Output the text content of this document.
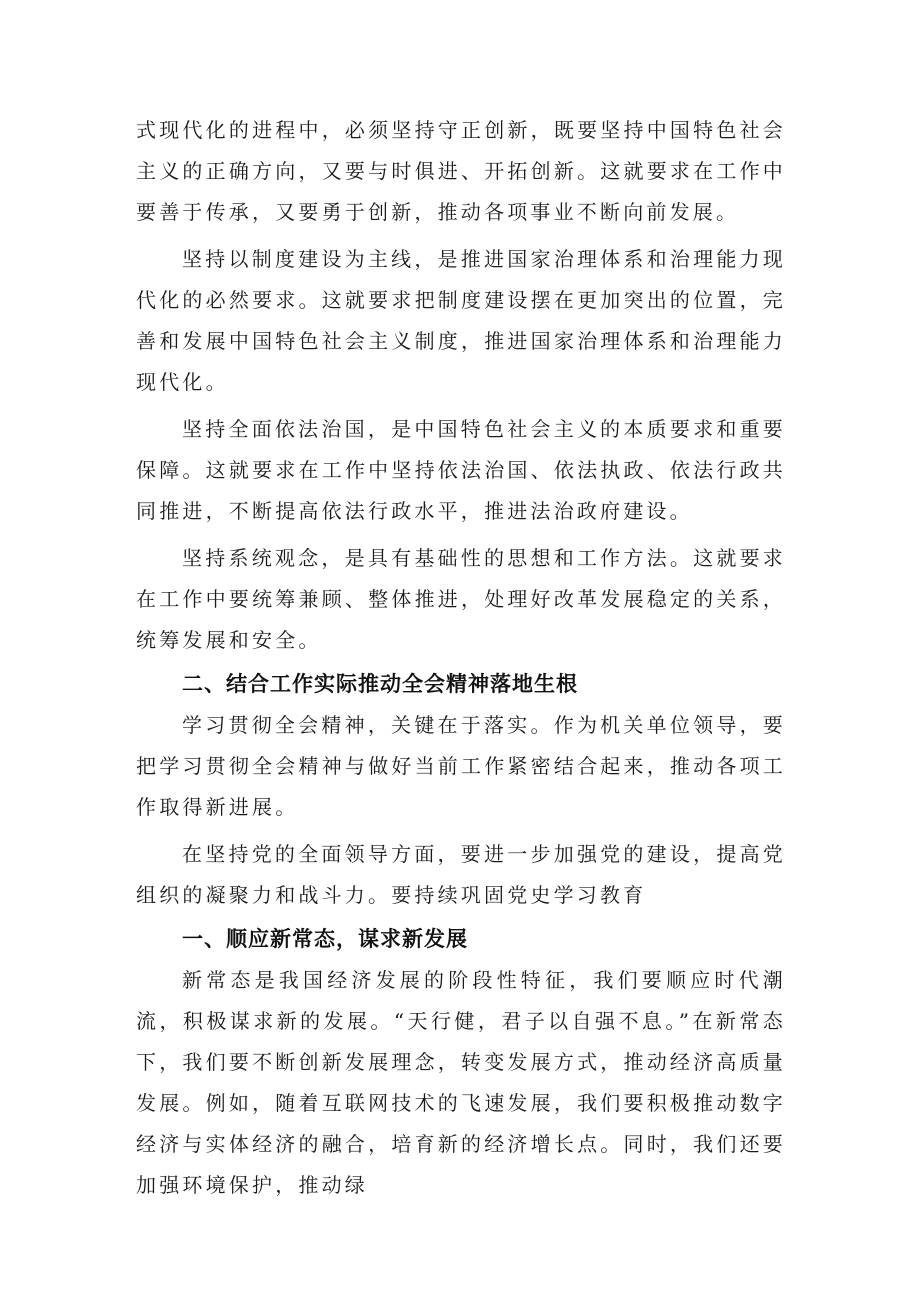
式现代化的进程中，必须坚持守正创新，既要坚持中国特色社会主义的正确方向，又要与时俱进、开拓创新。这就要求在工作中要善于传承，又要勇于创新，推动各项事业不断向前发展。

坚持以制度建设为主线，是推进国家治理体系和治理能力现代化的必然要求。这就要求把制度建设摆在更加突出的位置，完善和发展中国特色社会主义制度，推进国家治理体系和治理能力现代化。

坚持全面依法治国，是中国特色社会主义的本质要求和重要保障。这就要求在工作中坚持依法治国、依法执政、依法行政共同推进，不断提高依法行政水平，推进法治政府建设。

坚持系统观念，是具有基础性的思想和工作方法。这就要求在工作中要统筹兼顾、整体推进，处理好改革发展稳定的关系，统筹发展和安全。

二、结合工作实际推动全会精神落地生根

学习贯彻全会精神，关键在于落实。作为机关单位领导，要把学习贯彻全会精神与做好当前工作紧密结合起来，推动各项工作取得新进展。

在坚持党的全面领导方面，要进一步加强党的建设，提高党组织的凝聚力和战斗力。要持续巩固党史学习教育

一、顺应新常态，谋求新发展

新常态是我国经济发展的阶段性特征，我们要顺应时代潮流，积极谋求新的发展。“天行健，君子以自强不息。”在新常态下，我们要不断创新发展理念，转变发展方式，推动经济高质量发展。例如，随着互联网技术的飞速发展，我们要积极推动数字经济与实体经济的融合，培育新的经济增长点。同时，我们还要加强环境保护，推动绿
